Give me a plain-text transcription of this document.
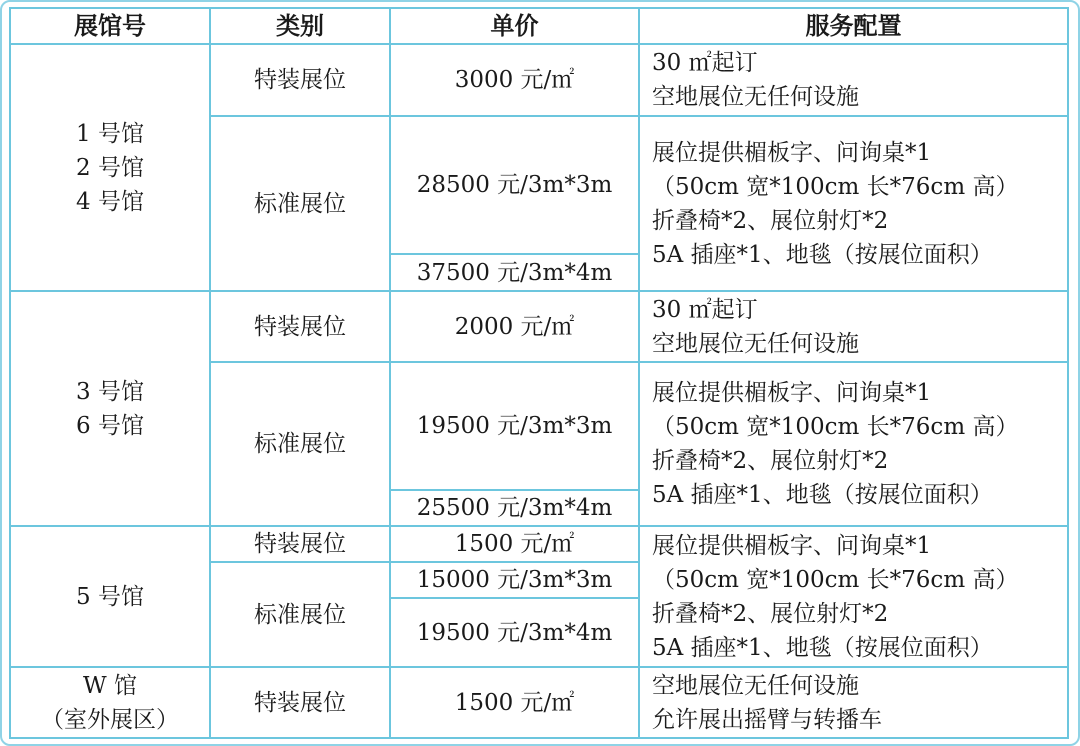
展馆号	类别	单价	服务配置

1 号馆
2 号馆
4 号馆	特装展位	3000 元/㎡	30 ㎡起订
空地展位无任何设施

	标准展位	28500 元/3m*3m	展位提供楣板字、问询桌*1
（50cm 宽*100cm 长*76cm 高）
折叠椅*2、展位射灯*2
5A 插座*1、地毯（按展位面积）

		37500 元/3m*4m	

3 号馆
6 号馆	特装展位	2000 元/㎡	30 ㎡起订
空地展位无任何设施

	标准展位	19500 元/3m*3m	展位提供楣板字、问询桌*1
（50cm 宽*100cm 长*76cm 高）
折叠椅*2、展位射灯*2
5A 插座*1、地毯（按展位面积）

		25500 元/3m*4m	

5 号馆	特装展位	1500 元/㎡	展位提供楣板字、问询桌*1
（50cm 宽*100cm 长*76cm 高）
折叠椅*2、展位射灯*2
5A 插座*1、地毯（按展位面积）

	标准展位	15000 元/3m*3m	
		19500 元/3m*4m	

W 馆
（室外展区）	特装展位	1500 元/㎡	空地展位无任何设施
允许展出摇臂与转播车
